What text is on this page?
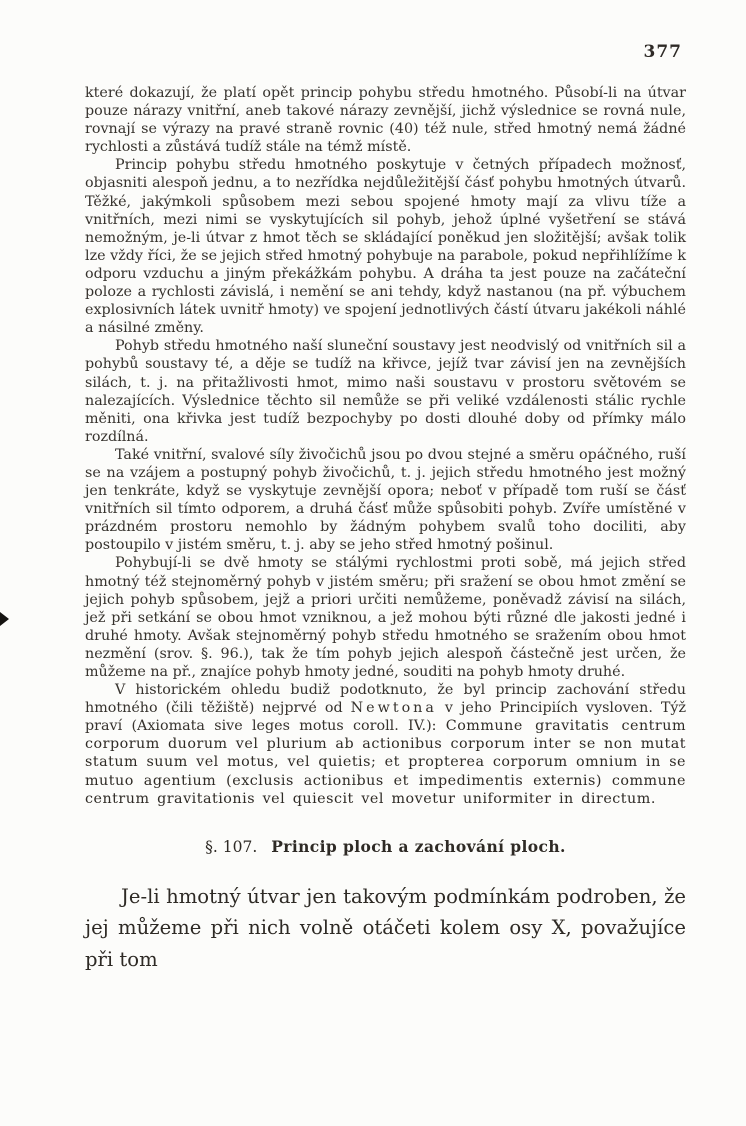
377

které dokazují, že platí opět princip pohybu středu hmotného. Působí-li na útvar pouze nárazy vnitřní, aneb takové nárazy zevnější, jichž výslednice se rovná nule, rovnají se výrazy na pravé straně rovnic (40) též nule, střed hmotný nemá žádné rychlosti a zůstává tudíž stále na témž místě.

Princip pohybu středu hmotného poskytuje v četných případech možnosť, objasniti alespoň jednu, a to nezřídka nejdůležitější čásť pohybu hmotných útvarů. Těžké, jakýmkoli spůsobem mezi sebou spojené hmoty mají za vlivu tíže a vnitřních, mezi nimi se vyskytujících sil pohyb, jehož úplné vyšetření se stává nemožným, je-li útvar z hmot těch se skládající poněkud jen složitější; avšak tolik lze vždy říci, že se jejich střed hmotný pohybuje na parabole, pokud nepřihlížíme k odporu vzduchu a jiným překážkám pohybu. A dráha ta jest pouze na začáteční poloze a rychlosti závislá, i nemění se ani tehdy, když nastanou (na př. výbuchem explosivních látek uvnitř hmoty) ve spojení jednotlivých částí útvaru jakékoli náhlé a násilné změny.

Pohyb středu hmotného naší sluneční soustavy jest neodvislý od vnitřních sil a pohybů soustavy té, a děje se tudíž na křivce, jejíž tvar závisí jen na zevnějších silách, t. j. na přitažlivosti hmot, mimo naši soustavu v prostoru světovém se nalezajících. Výslednice těchto sil nemůže se při veliké vzdálenosti stálic rychle měniti, ona křivka jest tudíž bezpochyby po dosti dlouhé doby od přímky málo rozdílná.

Také vnitřní, svalové síly živočichů jsou po dvou stejné a směru opáčného, ruší se na vzájem a postupný pohyb živočichů, t. j. jejich středu hmotného jest možný jen tenkráte, když se vyskytuje zevnější opora; neboť v případě tom ruší se čásť vnitřních sil tímto odporem, a druhá čásť může spůsobiti pohyb. Zvíře umístěné v prázdném prostoru nemohlo by žádným pohybem svalů toho dociliti, aby postoupilo v jistém směru, t. j. aby se jeho střed hmotný pošinul.

Pohybují-li se dvě hmoty se stálými rychlostmi proti sobě, má jejich střed hmotný též stejnoměrný pohyb v jistém směru; při sražení se obou hmot změní se jejich pohyb spůsobem, jejž a priori určiti nemůžeme, poněvadž závisí na silách, jež při setkání se obou hmot vzniknou, a jež mohou býti různé dle jakosti jedné i druhé hmoty. Avšak stejnoměrný pohyb středu hmotného se sražením obou hmot nezmění (srov. §. 96.), tak že tím pohyb jejich alespoň částečně jest určen, že můžeme na př., znajíce pohyb hmoty jedné, souditi na pohyb hmoty druhé.

V historickém ohledu budiž podotknuto, že byl princip zachování středu hmotného (čili těžiště) nejprvé od Newtona v jeho Principiích vysloven. Týž praví (Axiomata sive leges motus coroll. IV.): Commune gravitatis centrum corporum duorum vel plurium ab actionibus corporum inter se non mutat statum suum vel motus, vel quietis; et propterea corporum omnium in se mutuo agentium (exclusis actionibus et impedimentis externis) commune centrum gravitationis vel quiescit vel movetur uniformiter in directum.

§. 107. Princip ploch a zachování ploch.

Je-li hmotný útvar jen takovým podmínkám podroben, že jej můžeme při nich volně otáčeti kolem osy X, považujíce při tom
